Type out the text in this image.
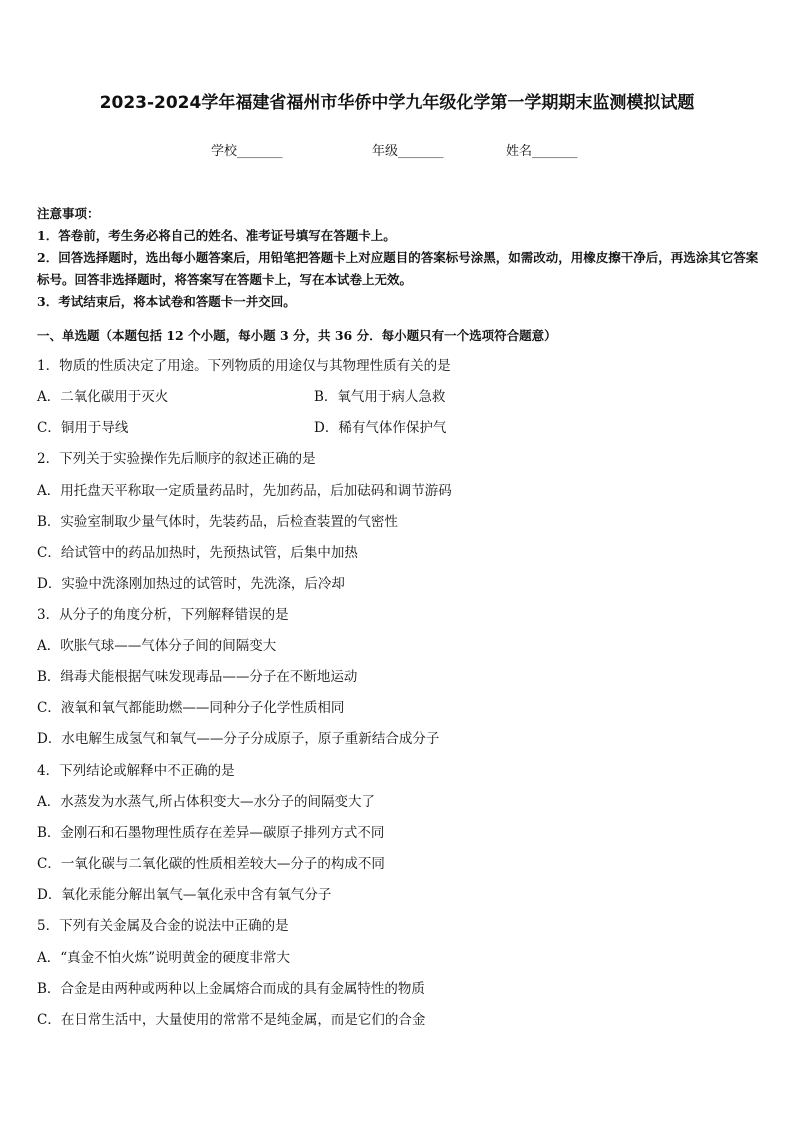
2023-2024学年福建省福州市华侨中学九年级化学第一学期期末监测模拟试题
学校_______	年级_______	姓名_______

注意事项：

1．答卷前，考生务必将自己的姓名、准考证号填写在答题卡上。

2．回答选择题时，选出每小题答案后，用铅笔把答题卡上对应题目的答案标号涂黑，如需改动，用橡皮擦干净后，再选涂其它答案标号。回答非选择题时，将答案写在答题卡上，写在本试卷上无效。

3．考试结束后，将本试卷和答题卡一并交回。

一、单选题（本题包括 12 个小题，每小题 3 分，共 36 分．每小题只有一个选项符合题意）
1．物质的性质决定了用途。下列物质的用途仅与其物理性质有关的是
A．二氧化碳用于灭火	B．氧气用于病人急救
C．铜用于导线	D．稀有气体作保护气
2．下列关于实验操作先后顺序的叙述正确的是
A．用托盘天平称取一定质量药品时，先加药品，后加砝码和调节游码
B．实验室制取少量气体时，先装药品，后检查装置的气密性
C．给试管中的药品加热时，先预热试管，后集中加热
D．实验中洗涤刚加热过的试管时，先洗涤，后冷却
3．从分子的角度分析，下列解释错误的是
A．吹胀气球——气体分子间的间隔变大
B．缉毒犬能根据气味发现毒品——分子在不断地运动
C．液氧和氧气都能助燃——同种分子化学性质相同
D．水电解生成氢气和氧气——分子分成原子，原子重新结合成分子
4．下列结论或解释中不正确的是
A．水蒸发为水蒸气,所占体积变大—水分子的间隔变大了
B．金刚石和石墨物理性质存在差异—碳原子排列方式不同
C．一氧化碳与二氧化碳的性质相差较大—分子的构成不同
D．氧化汞能分解出氧气—氧化汞中含有氧气分子
5．下列有关金属及合金的说法中正确的是
A．“真金不怕火炼”说明黄金的硬度非常大
B．合金是由两种或两种以上金属熔合而成的具有金属特性的物质
C．在日常生活中，大量使用的常常不是纯金属，而是它们的合金
